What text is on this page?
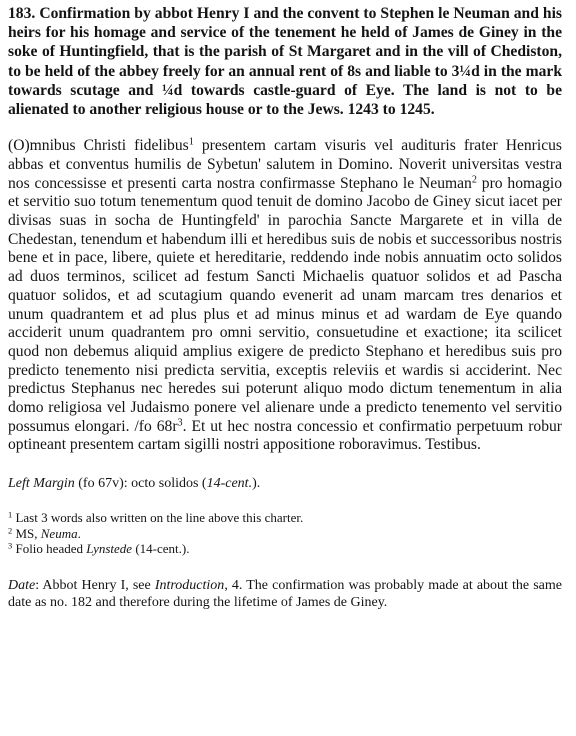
183. Confirmation by abbot Henry I and the convent to Stephen le Neuman and his heirs for his homage and service of the tenement he held of James de Giney in the soke of Huntingfield, that is the parish of St Margaret and in the vill of Chediston, to be held of the abbey freely for an annual rent of 8s and liable to 3¼d in the mark towards scutage and ¼d towards castle-guard of Eye. The land is not to be alienated to another religious house or to the Jews. 1243 to 1245.

(O)mnibus Christi fidelibus$^1$ presentem cartam visuris vel audituris frater Henricus abbas et conventus humilis de Sybetun' salutem in Domino. Noverit universitas vestra nos concessisse et presenti carta nostra confirmasse Stephano le Neuman$^2$ pro homagio et servitio suo totum tenementum quod tenuit de domino Jacobo de Giney sicut iacet per divisas suas in socha de Huntingfeld' in parochia Sancte Margarete et in villa de Chedestan, tenendum et habendum illi et heredibus suis de nobis et successoribus nostris bene et in pace, libere, quiete et hereditarie, reddendo inde nobis annuatim octo solidos ad duos terminos, scilicet ad festum Sancti Michaelis quatuor solidos et ad Pascha quatuor solidos, et ad scutagium quando evenerit ad unam marcam tres denarios et unum quadrantem et ad plus plus et ad minus minus et ad wardam de Eye quando acciderit unum quadrantem pro omni servitio, consuetudine et exactione; ita scilicet quod non debemus aliquid amplius exigere de predicto Stephano et heredibus suis pro predicto tenemento nisi predicta servitia, exceptis releviis et wardis si acciderint. Nec predictus Stephanus nec heredes sui poterunt aliquo modo dictum tenementum in alia domo religiosa vel Judaismo ponere vel alienare unde a predicto tenemento vel servitio possumus elongari. /fo $68r^3$. Et ut hec nostra concessio et confirmatio perpetuum robur optineant presentem cartam sigilli nostri appositione roboravimus. Testibus.

Left Margin (fo 67v): octo solidos (14-cent.).

$^1$ Last 3 words also written on the line above this charter.
$^2$ MS, Neuma.
$^3$ Folio headed Lynstede (14-cent.).

Date: Abbot Henry I, see Introduction, 4. The confirmation was probably made at about the same date as no. 182 and therefore during the lifetime of James de Giney.
